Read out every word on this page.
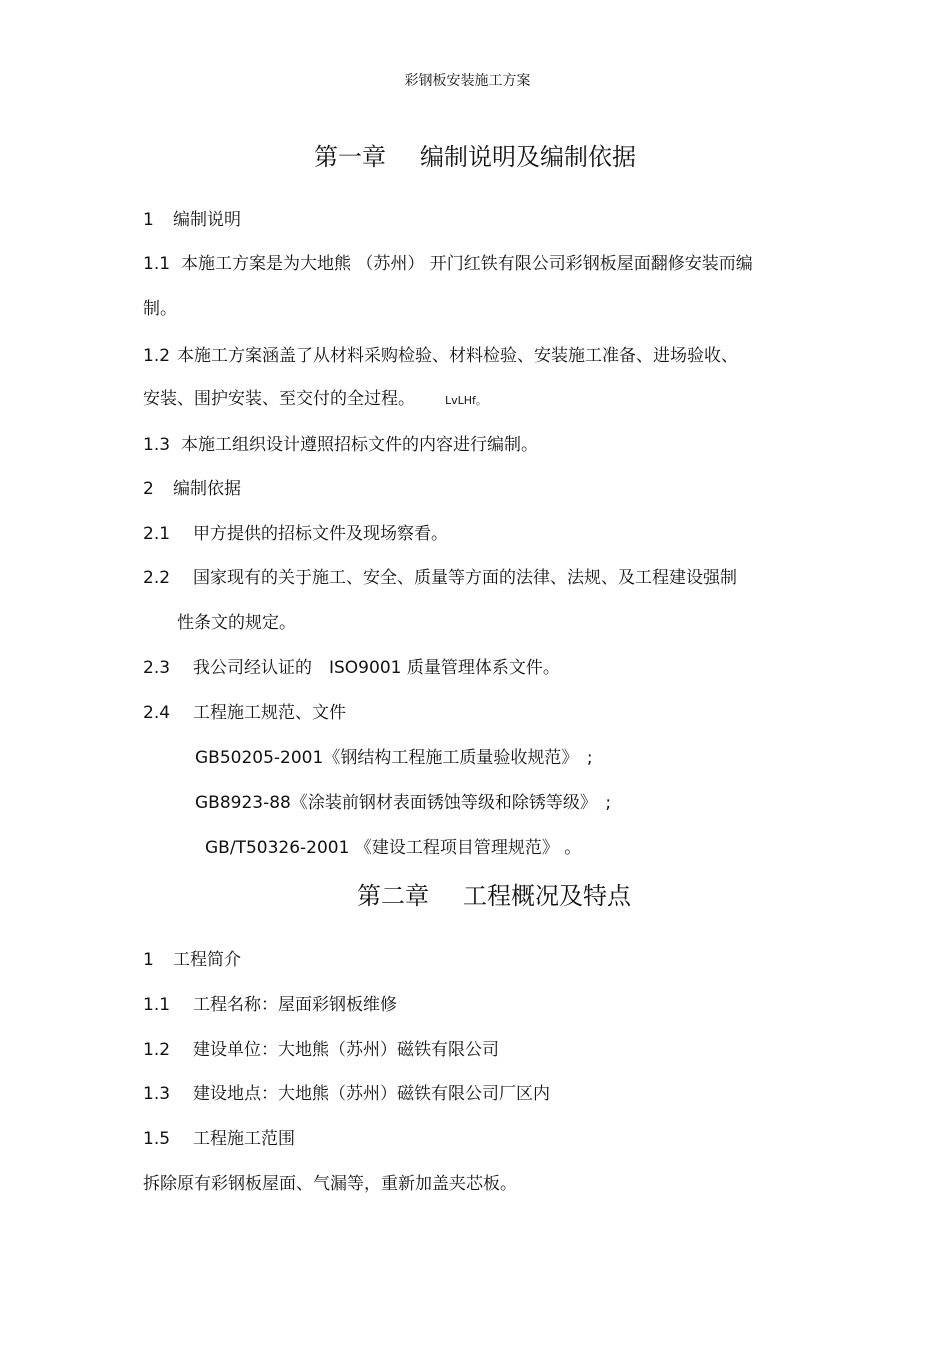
彩钢板安装施工方案
第一章 编制说明及编制依据
1 编制说明
1.1 本施工方案是为大地熊 （苏州） 开门红铁有限公司彩钢板屋面翻修安装而编
制。
1.2 本施工方案涵盖了从材料采购检验、材料检验、安装施工准备、进场验收、
安装、围护安装、至交付的全过程。	LvLHf。
1.3 本施工组织设计遵照招标文件的内容进行编制。
2 编制依据
2.1 甲方提供的招标文件及现场察看。
2.2 国家现有的关于施工、安全、质量等方面的法律、法规、及工程建设强制
性条文的规定。
2.3 我公司经认证的　ISO9001 质量管理体系文件。
2.4 工程施工规范、文件
GB50205-2001《钢结构工程施工质量验收规范》　;
GB8923-88《涂装前钢材表面锈蚀等级和除锈等级》　;
GB/T50326-2001 《建设工程项目管理规范》 。
第二章 工程概况及特点
1 工程简介
1.1 工程名称：屋面彩钢板维修
1.2 建设单位：大地熊（苏州）磁铁有限公司
1.3 建设地点：大地熊（苏州）磁铁有限公司厂区内
1.5 工程施工范围
拆除原有彩钢板屋面、气漏等，重新加盖夹芯板。
